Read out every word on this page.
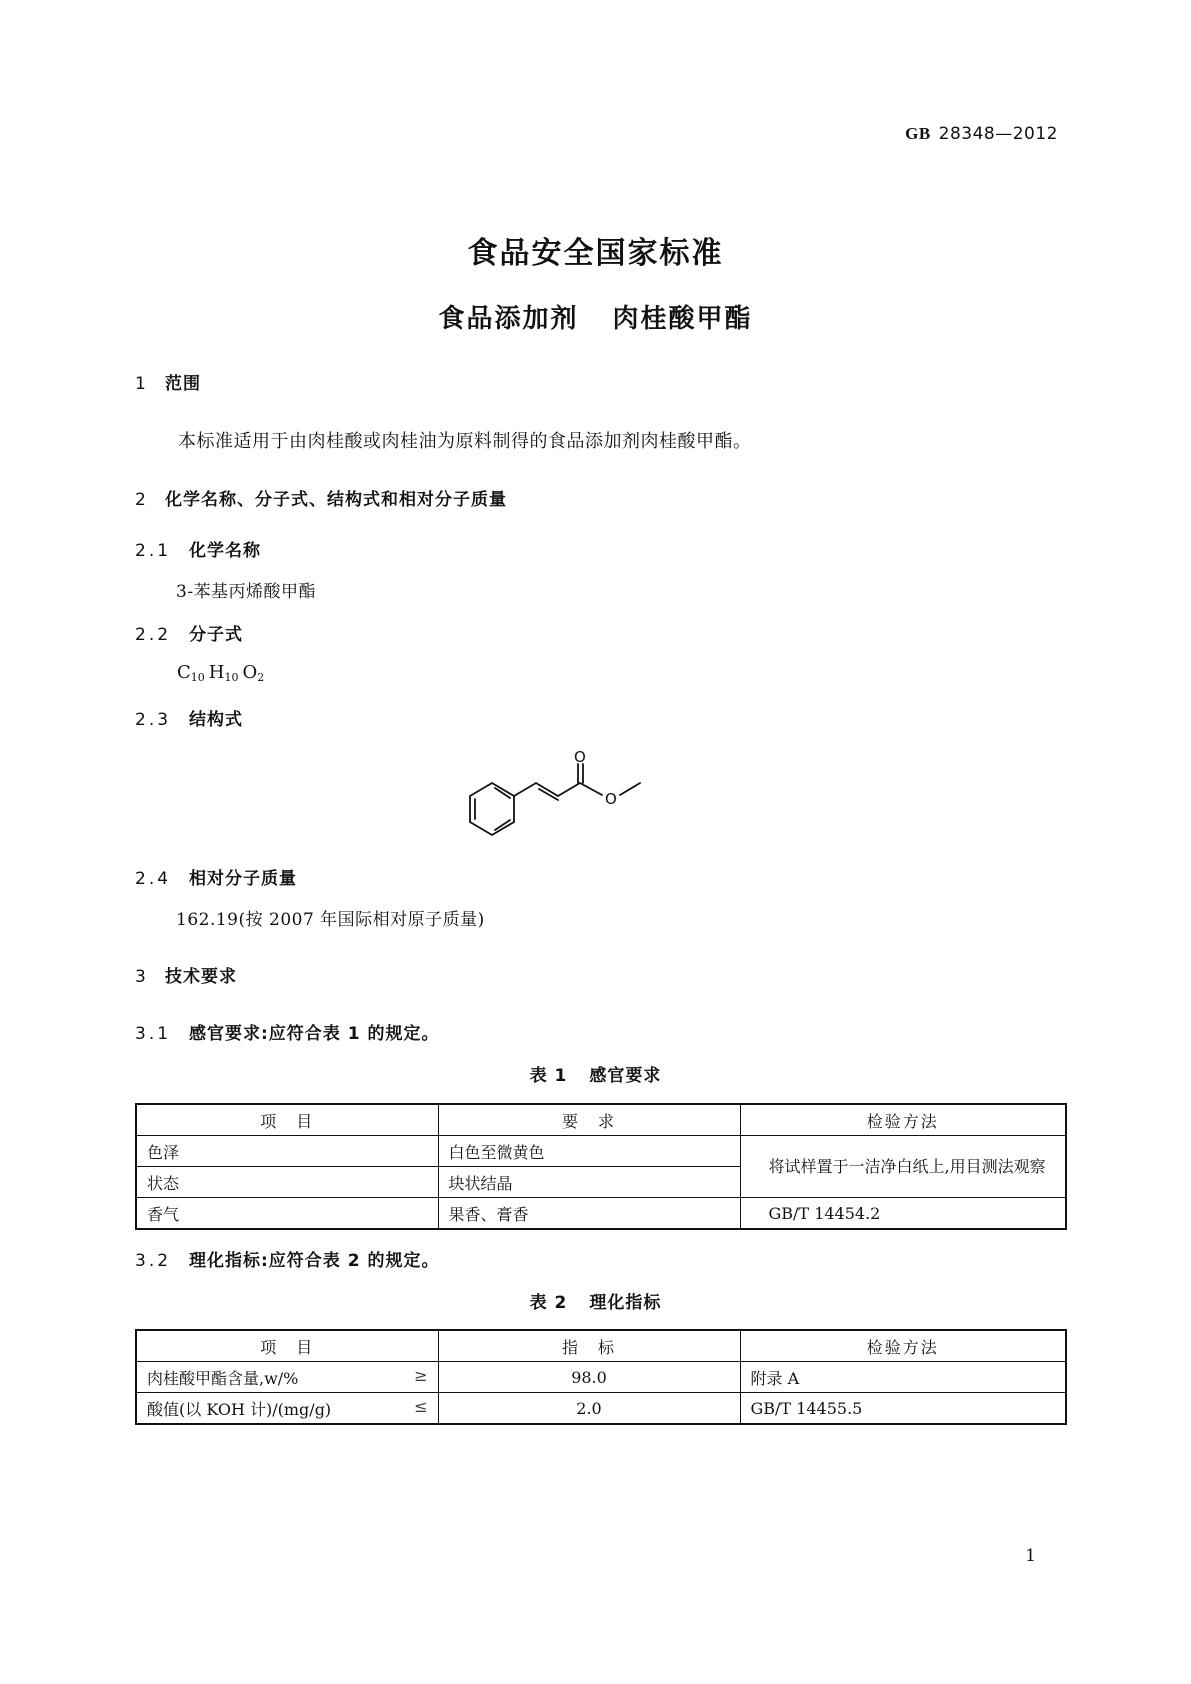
GB 28348—2012
食品安全国家标准
食品添加剂 肉桂酸甲酯
1 范围
本标准适用于由肉桂酸或肉桂油为原料制得的食品添加剂肉桂酸甲酯。
2 化学名称、分子式、结构式和相对分子质量
2.1 化学名称
3-苯基丙烯酸甲酯
2.2 分子式
$C_{10}$ $H_{10}$ $O_2$
2.3 结构式
O
O
2.4 相对分子质量
162.19(按 2007 年国际相对原子质量)
3 技术要求
3.1 感官要求:应符合表 1 的规定。
表 1 感官要求
项　目	要　求	检验方法
色泽	白色至微黄色	将试样置于一洁净白纸上,用目测法观察
状态	块状结晶	
香气	果香、膏香	GB/T 14454.2
3.2 理化指标:应符合表 2 的规定。
表 2 理化指标
项　目	指　标	检验方法
肉桂酸甲酯含量,w/% ≥	98.0	附录 A
酸值(以 KOH 计)/(mg/g) ≤	2.0	GB/T 14455.5
1
